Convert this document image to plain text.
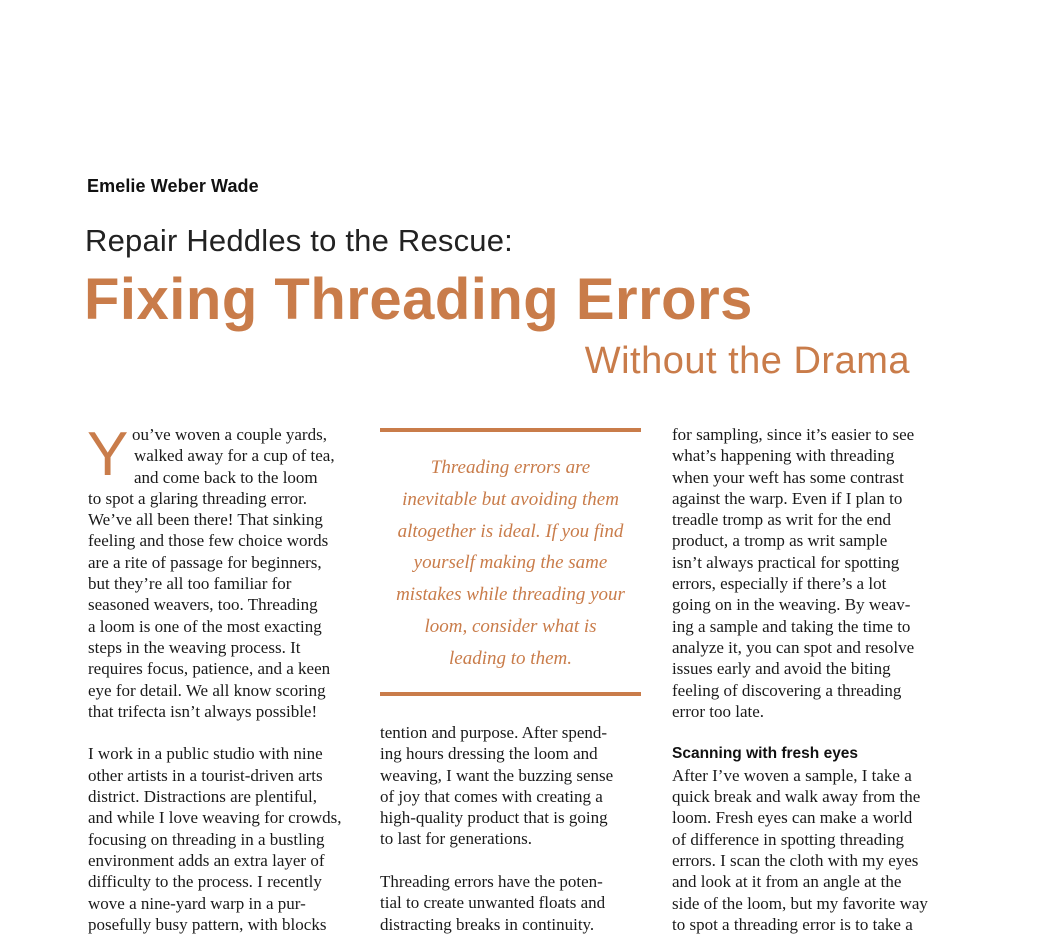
Emelie Weber Wade
Repair Heddles to the Rescue:
Fixing Threading Errors
Without the Drama
Y ou’ve woven a couple yards,
walked away for a cup of tea,
and come back to the loom
to spot a glaring threading error.
We’ve all been there! That sinking
feeling and those few choice words
are a rite of passage for beginners,
but they’re all too familiar for
seasoned weavers, too. Threading
a loom is one of the most exacting
steps in the weaving process. It
requires focus, patience, and a keen
eye for detail. We all know scoring
that trifecta isn’t always possible!

I work in a public studio with nine
other artists in a tourist-driven arts
district. Distractions are plentiful,
and while I love weaving for crowds,
focusing on threading in a bustling
environment adds an extra layer of
difficulty to the process. I recently
wove a nine-yard warp in a pur-
posefully busy pattern, with blocks

Threading errors are
inevitable but avoiding them
altogether is ideal. If you find
yourself making the same
mistakes while threading your
loom, consider what is
leading to them.

tention and purpose. After spend-
ing hours dressing the loom and
weaving, I want the buzzing sense
of joy that comes with creating a
high-quality product that is going
to last for generations.

Threading errors have the poten-
tial to create unwanted floats and
distracting breaks in continuity.

for sampling, since it’s easier to see
what’s happening with threading
when your weft has some contrast
against the warp. Even if I plan to
treadle tromp as writ for the end
product, a tromp as writ sample
isn’t always practical for spotting
errors, especially if there’s a lot
going on in the weaving. By weav-
ing a sample and taking the time to
analyze it, you can spot and resolve
issues early and avoid the biting
feeling of discovering a threading
error too late.

Scanning with fresh eyes
After I’ve woven a sample, I take a
quick break and walk away from the
loom. Fresh eyes can make a world
of difference in spotting threading
errors. I scan the cloth with my eyes
and look at it from an angle at the
side of the loom, but my favorite way
to spot a threading error is to take a
